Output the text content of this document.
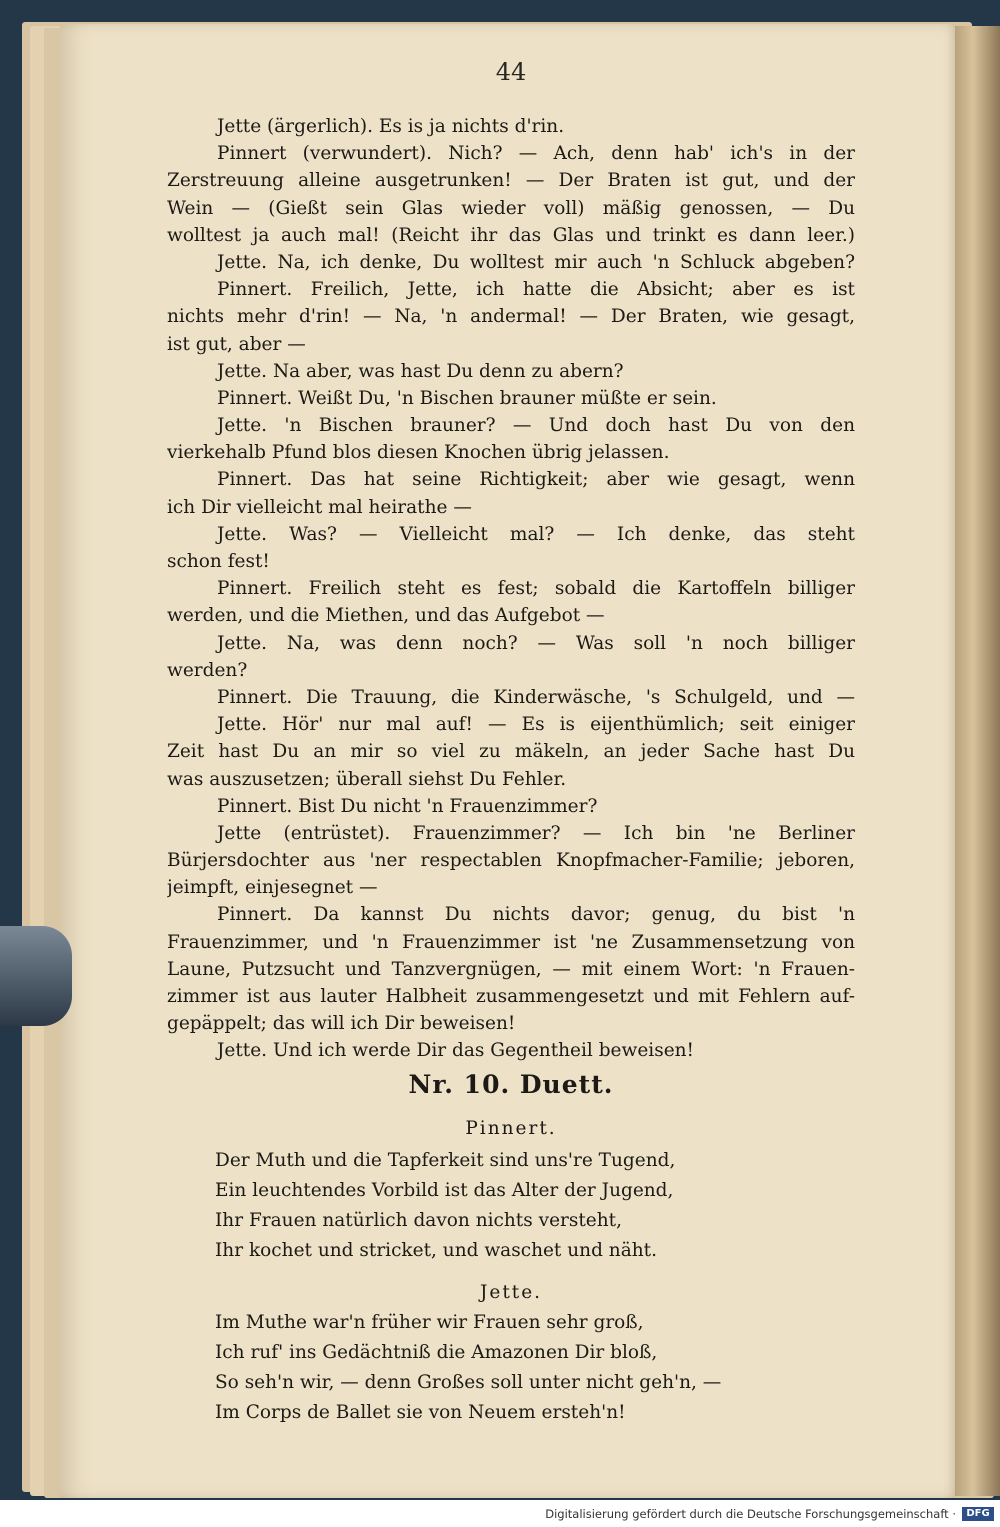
44
Jette (ärgerlich). Es is ja nichts d'rin.
Pinnert (verwundert). Nich? — Ach, denn hab' ich's in der
Zerstreuung alleine ausgetrunken! — Der Braten ist gut, und der
Wein — (Gießt sein Glas wieder voll) mäßig genossen, — Du
wolltest ja auch mal! (Reicht ihr das Glas und trinkt es dann leer.)
Jette. Na, ich denke, Du wolltest mir auch 'n Schluck abgeben?
Pinnert. Freilich, Jette, ich hatte die Absicht; aber es ist
nichts mehr d'rin! — Na, 'n andermal! — Der Braten, wie gesagt,
ist gut, aber —
Jette. Na aber, was hast Du denn zu abern?
Pinnert. Weißt Du, 'n Bischen brauner müßte er sein.
Jette. 'n Bischen brauner? — Und doch hast Du von den
vierkehalb Pfund blos diesen Knochen übrig jelassen.
Pinnert. Das hat seine Richtigkeit; aber wie gesagt, wenn
ich Dir vielleicht mal heirathe —
Jette. Was? — Vielleicht mal? — Ich denke, das steht
schon fest!
Pinnert. Freilich steht es fest; sobald die Kartoffeln billiger
werden, und die Miethen, und das Aufgebot —
Jette. Na, was denn noch? — Was soll 'n noch billiger
werden?
Pinnert. Die Trauung, die Kinderwäsche, 's Schulgeld, und —
Jette. Hör' nur mal auf! — Es is eijenthümlich; seit einiger
Zeit hast Du an mir so viel zu mäkeln, an jeder Sache hast Du
was auszusetzen; überall siehst Du Fehler.
Pinnert. Bist Du nicht 'n Frauenzimmer?
Jette (entrüstet). Frauenzimmer? — Ich bin 'ne Berliner
Bürjersdochter aus 'ner respectablen Knopfmacher-Familie; jeboren,
jeimpft, einjesegnet —
Pinnert. Da kannst Du nichts davor; genug, du bist 'n
Frauenzimmer, und 'n Frauenzimmer ist 'ne Zusammensetzung von
Laune, Putzsucht und Tanzvergnügen, — mit einem Wort: 'n Frauen-
zimmer ist aus lauter Halbheit zusammengesetzt und mit Fehlern auf-
gepäppelt; das will ich Dir beweisen!
Jette. Und ich werde Dir das Gegentheil beweisen!
Nr. 10. Duett.
Pinnert.
Der Muth und die Tapferkeit sind uns're Tugend,
Ein leuchtendes Vorbild ist das Alter der Jugend,
Ihr Frauen natürlich davon nichts versteht,
Ihr kochet und stricket, und waschet und näht.
Jette.
Im Muthe war'n früher wir Frauen sehr groß,
Ich ruf' ins Gedächtniß die Amazonen Dir bloß,
So seh'n wir, — denn Großes soll unter nicht geh'n, —
Im Corps de Ballet sie von Neuem ersteh'n!
Digitalisierung gefördert durch die Deutsche Forschungsgemeinschaft ·	DFG
